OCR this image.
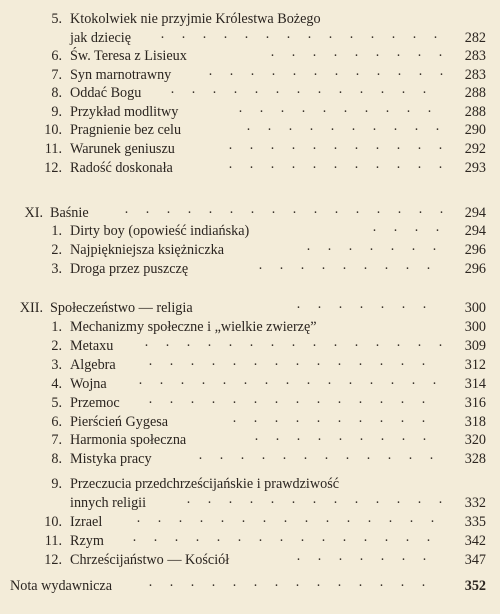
5. Ktokolwiek nie przyjmie Królestwa Bożego
jak dziecię	· · · · · · · · · · · · · ·	282
6. Św. Teresa z Lisieux	· · · · · · · · ·	283
7. Syn marnotrawny	· · · · · · · · · · · ·	283
8. Oddać Bogu	· · · · · · · · · · · · ·	288
9. Przykład modlitwy	· · · · · · · · · ·	288
10. Pragnienie bez celu	· · · · · · · · · ·	290
11. Warunek geniuszu	· · · · · · · · · · ·	292
12. Radość doskonała	· · · · · · · · · · ·	293
XI. Baśnie	· · · · · · · · · · · · · · · ·	294
1. Dirty boy (opowieść indiańska)	· · · ·	294
2. Najpiękniejsza księżniczka	· · · · · · ·	296
3. Droga przez puszczę	· · · · · · · · ·	296
XII. Społeczeństwo — religia	· · · · · · ·	300
1. Mechanizmy społeczne i „wielkie zwierzę”	300
2. Metaxu	· · · · · · · · · · · · · · ·	309
3. Algebra	· · · · · · · · · · · · · ·	312
4. Wojna	· · · · · · · · · · · · · · ·	314
5. Przemoc	· · · · · · · · · · · · · ·	316
6. Pierścień Gygesa	· · · · · · · · · ·	318
7. Harmonia społeczna	· · · · · · · · ·	320
8. Mistyka pracy	· · · · · · · · · · · ·	328
9. Przeczucia przedchrześcijańskie i prawdziwość
innych religii	· · · · · · · · · · · · ·	332
10. Izrael	· · · · · · · · · · · · · · ·	335
11. Rzym	· · · · · · · · · · · · · · ·	342
12. Chrześcijaństwo — Kościół	· · · · · · ·	347
Nota wydawnicza	· · · · · · · · · · · · · ·	352
